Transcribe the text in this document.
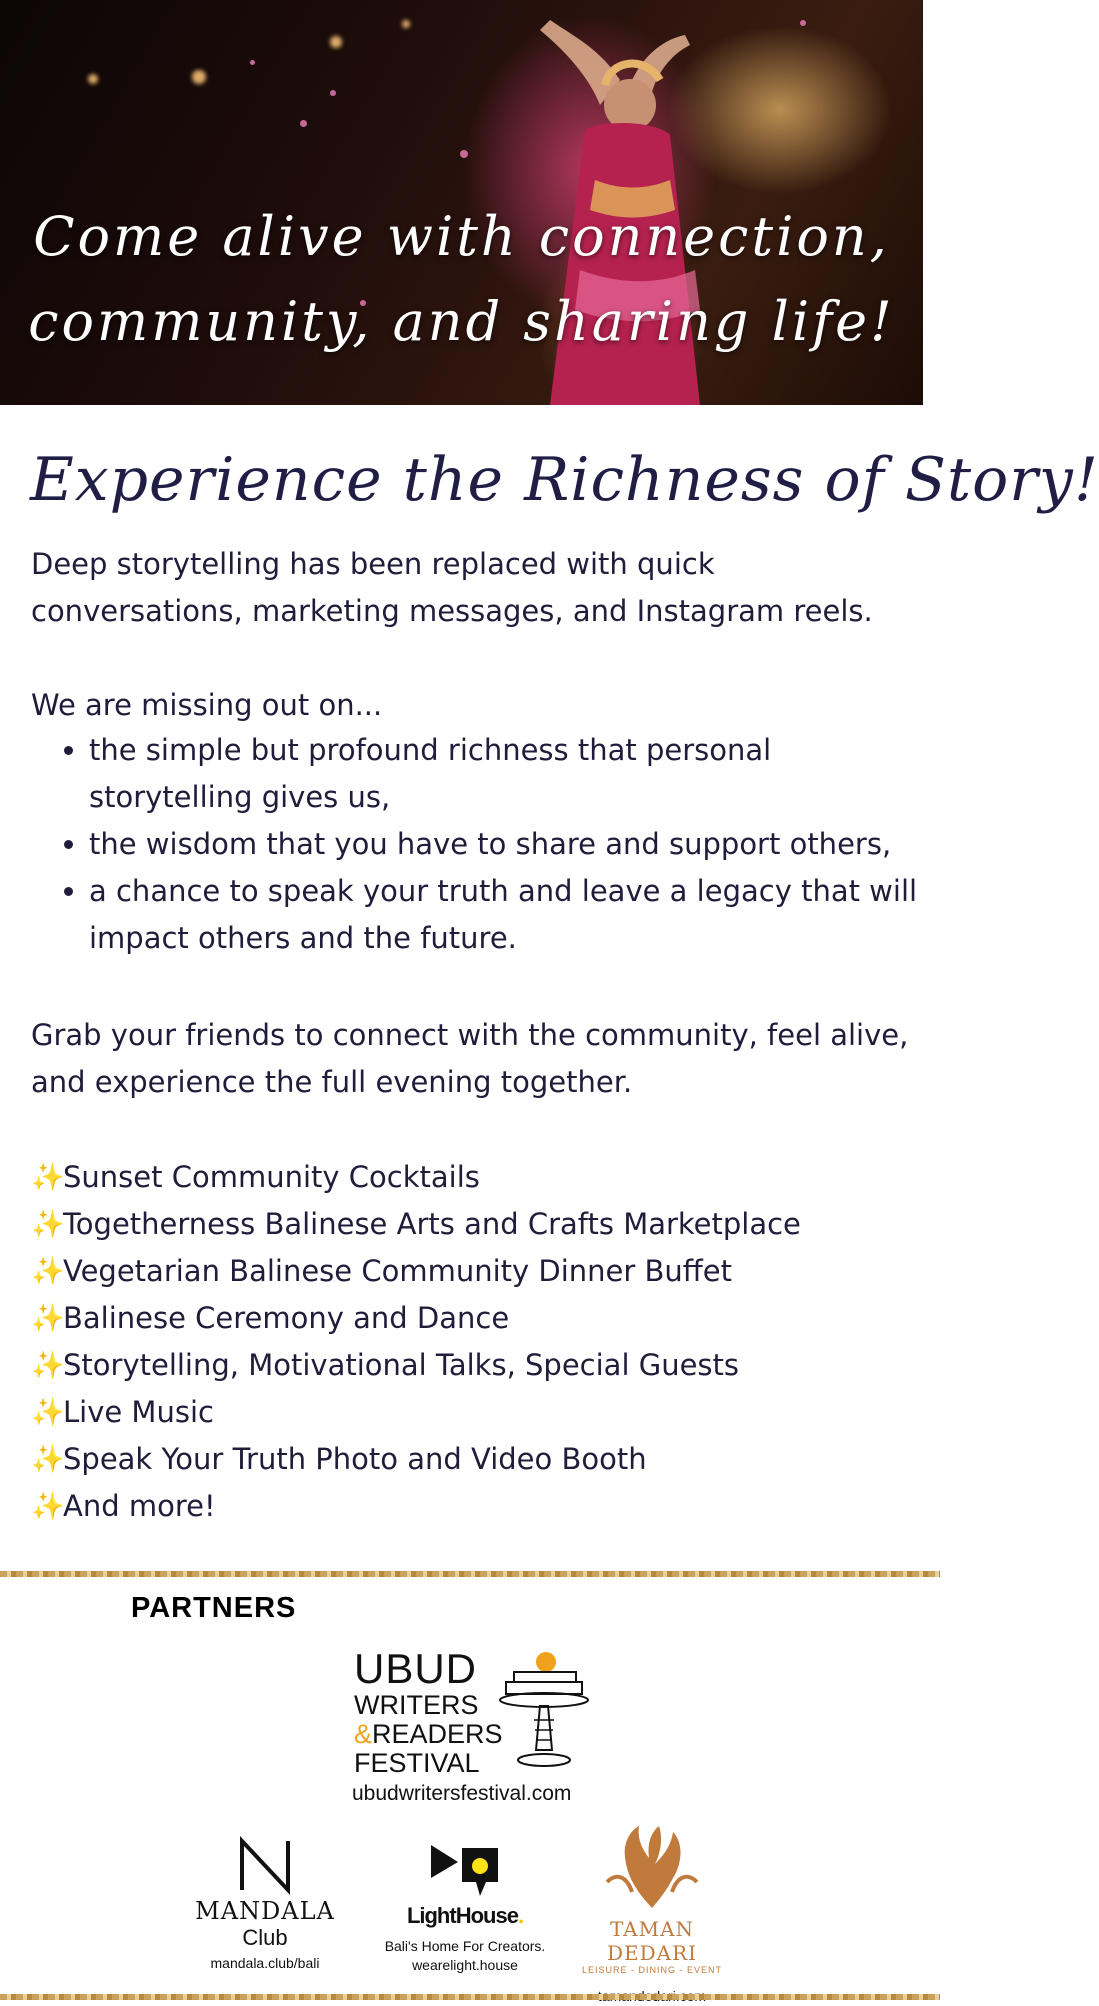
Come alive with connection,
community, and sharing life!
Experience the Richness of Story!

Deep storytelling has been replaced with quick
conversations, marketing messages, and Instagram reels.

We are missing out on...

• the simple but profound richness that personal storytelling gives us,
• the wisdom that you have to share and support others,
• a chance to speak your truth and leave a legacy that will impact others and the future.

Grab your friends to connect with the community, feel alive,
and experience the full evening together.

✨
Sunset Community Cocktails
✨
Togetherness Balinese Arts and Crafts Marketplace
✨
Vegetarian Balinese Community Dinner Buffet
✨
Balinese Ceremony and Dance
✨
Storytelling, Motivational Talks, Special Guests
✨
Live Music
✨
Speak Your Truth Photo and Video Booth
✨
And more!
PARTNERS
UBUD
WRITERS
&READERS
FESTIVAL
ubudwritersfestival.com
MANDALA
Club
mandala.club/bali
LightHouse.
Bali's Home For Creators.
wearelight.house
TAMAN DEDARI
LEISURE - DINING - EVENT
